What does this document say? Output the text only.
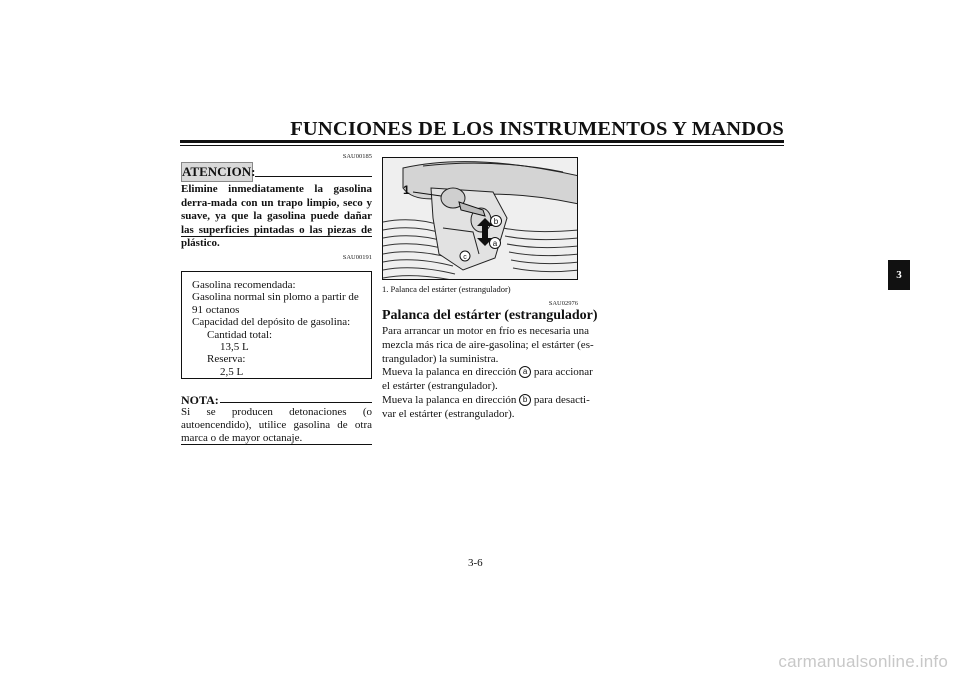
FUNCIONES DE LOS INSTRUMENTOS Y MANDOS
SAU00185
ATENCION:
Elimine inmediatamente la gasolina derra-mada con un trapo limpio, seco y suave, ya que la gasolina puede dañar las superficies pintadas o las piezas de plástico.
SAU00191
Gasolina recomendada:
Gasolina normal sin plomo a partir de
91 octanos
Capacidad del depósito de gasolina:
Cantidad total:
13,5 L
Reserva:
2,5 L
NOTA:
Si se producen detonaciones (o autoencendido), utilice gasolina de otra marca o de mayor octanaje.
1
b
a
c
1. Palanca del estárter (estrangulador)
SAU02976
Palanca del estárter (estrangulador)
Para arrancar un motor en frío es necesaria una
mezcla más rica de aire-gasolina; el estárter (es-
trangulador) la suministra.
Mueva la palanca en dirección a para accionar
el estárter (estrangulador).
Mueva la palanca en dirección b para desacti-
var el estárter (estrangulador).
3
3-6
carmanualsonline.info
